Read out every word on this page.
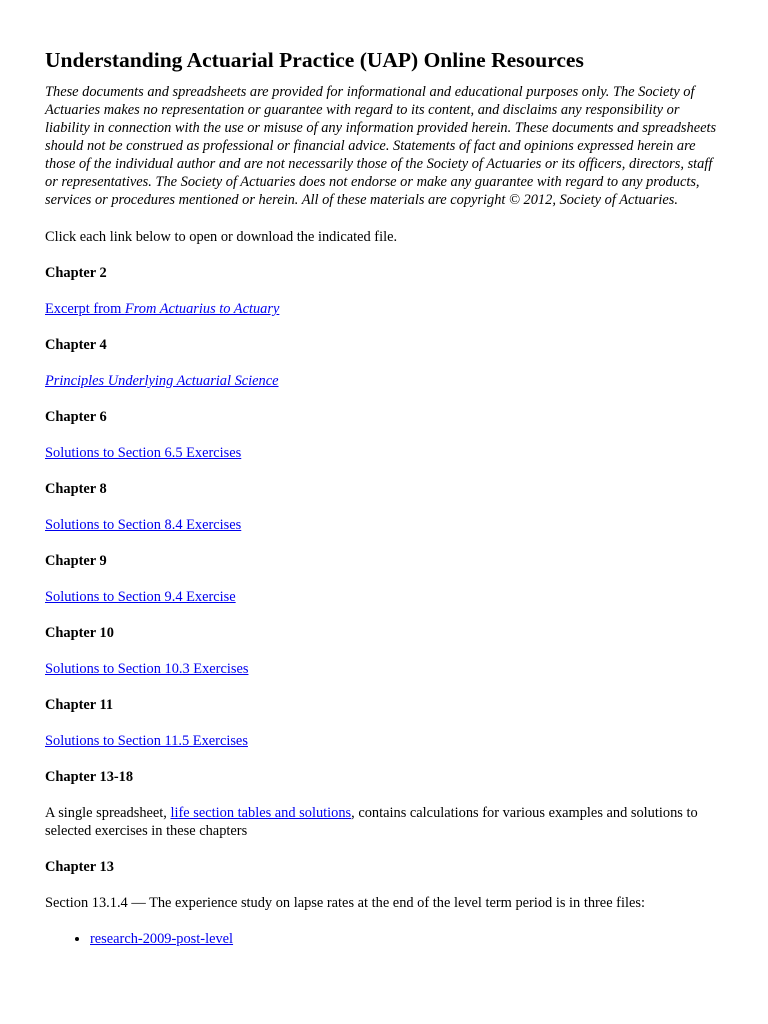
Understanding Actuarial Practice (UAP) Online Resources

These documents and spreadsheets are provided for informational and educational purposes only. The Society of Actuaries makes no representation or guarantee with regard to its content, and disclaims any responsibility or liability in connection with the use or misuse of any information provided herein. These documents and spreadsheets should not be construed as professional or financial advice. Statements of fact and opinions expressed herein are those of the individual author and are not necessarily those of the Society of Actuaries or its officers, directors, staff or representatives. The Society of Actuaries does not endorse or make any guarantee with regard to any products, services or procedures mentioned or herein. All of these materials are copyright © 2012, Society of Actuaries.

Click each link below to open or download the indicated file.

Chapter 2

Excerpt from From Actuarius to Actuary

Chapter 4

Principles Underlying Actuarial Science

Chapter 6

Solutions to Section 6.5 Exercises

Chapter 8

Solutions to Section 8.4 Exercises

Chapter 9

Solutions to Section 9.4 Exercise

Chapter 10

Solutions to Section 10.3 Exercises

Chapter 11

Solutions to Section 11.5 Exercises

Chapter 13-18

A single spreadsheet, life section tables and solutions, contains calculations for various examples and solutions to selected exercises in these chapters

Chapter 13

Section 13.1.4 — The experience study on lapse rates at the end of the level term period is in three files:

• research-2009-post-level
